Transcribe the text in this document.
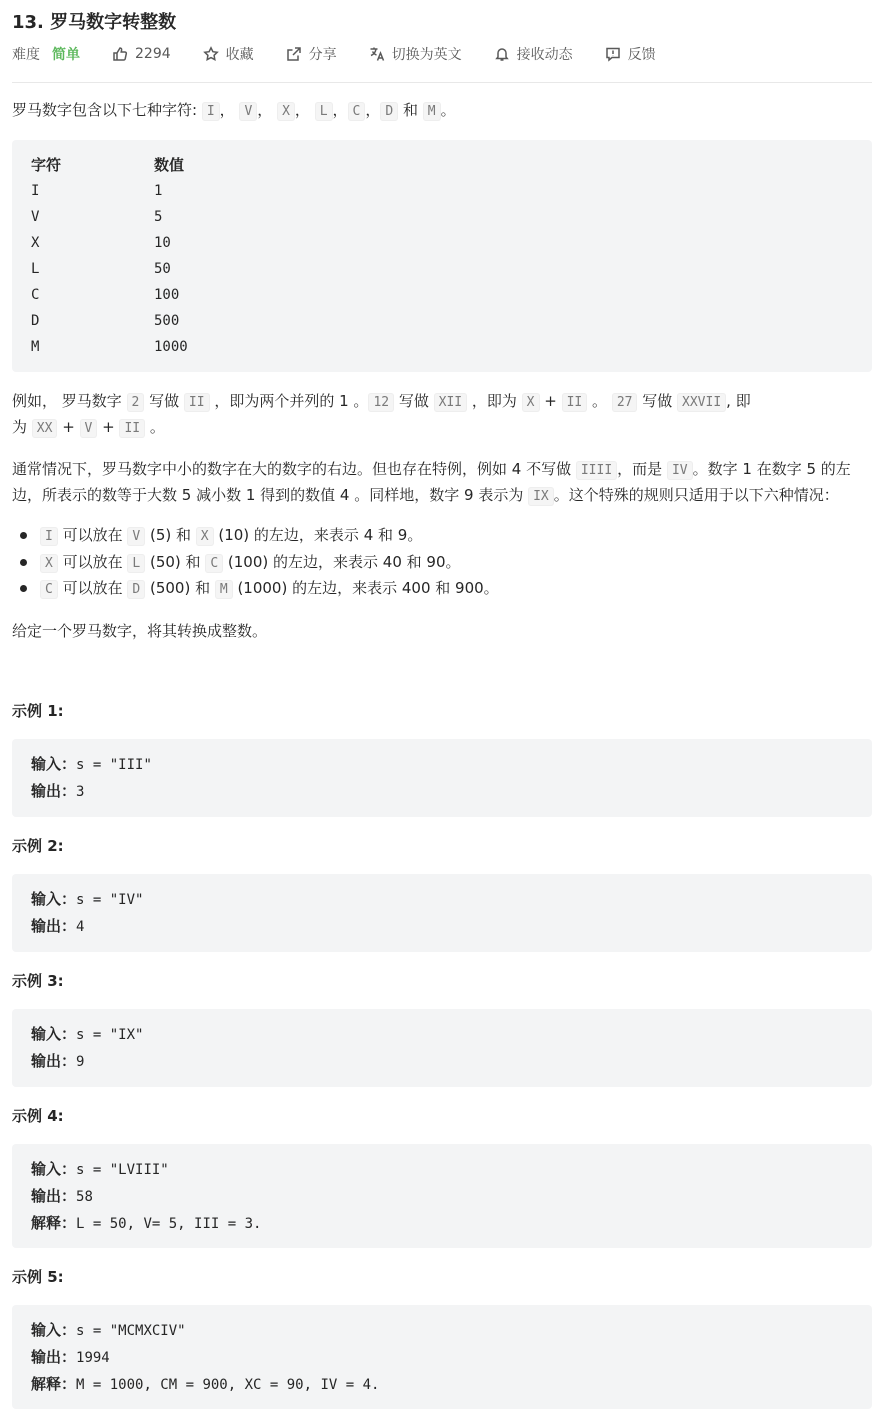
13. 罗马数字转整数
难度 简单	2294	收藏	分享	切换为英文	接收动态	反馈

罗马数字包含以下七种字符: I ， V ， X ， L ， C ， D 和 M 。

字符	数值
I	1
V	5
X	10
L	50
C	100
D	500
M	1000

例如， 罗马数字 2 写做 II ，即为两个并列的 1 。 12 写做 XII ，即为 X + II 。 27 写做 XXVII , 即
为 XX + V + II 。

通常情况下，罗马数字中小的数字在大的数字的右边。但也存在特例，例如 4 不写做 IIII ，而是 IV 。数字 1 在数字 5 的左边，所表示的数等于大数 5 减小数 1 得到的数值 4 。同样地，数字 9 表示为 IX 。这个特殊的规则只适用于以下六种情况：

I 可以放在 V (5) 和 X (10) 的左边，来表示 4 和 9。
X 可以放在 L (50) 和 C (100) 的左边，来表示 40 和 90。
C 可以放在 D (500) 和 M (1000) 的左边，来表示 400 和 900。

给定一个罗马数字，将其转换成整数。

示例 1:
输入：s = "III"
输出：3
示例 2:
输入：s = "IV"
输出：4
示例 3:
输入：s = "IX"
输出：9
示例 4:
输入：s = "LVIII"
输出：58
解释：L = 50, V= 5, III = 3.
示例 5:
输入：s = "MCMXCIV"
输出：1994
解释：M = 1000, CM = 900, XC = 90, IV = 4.
